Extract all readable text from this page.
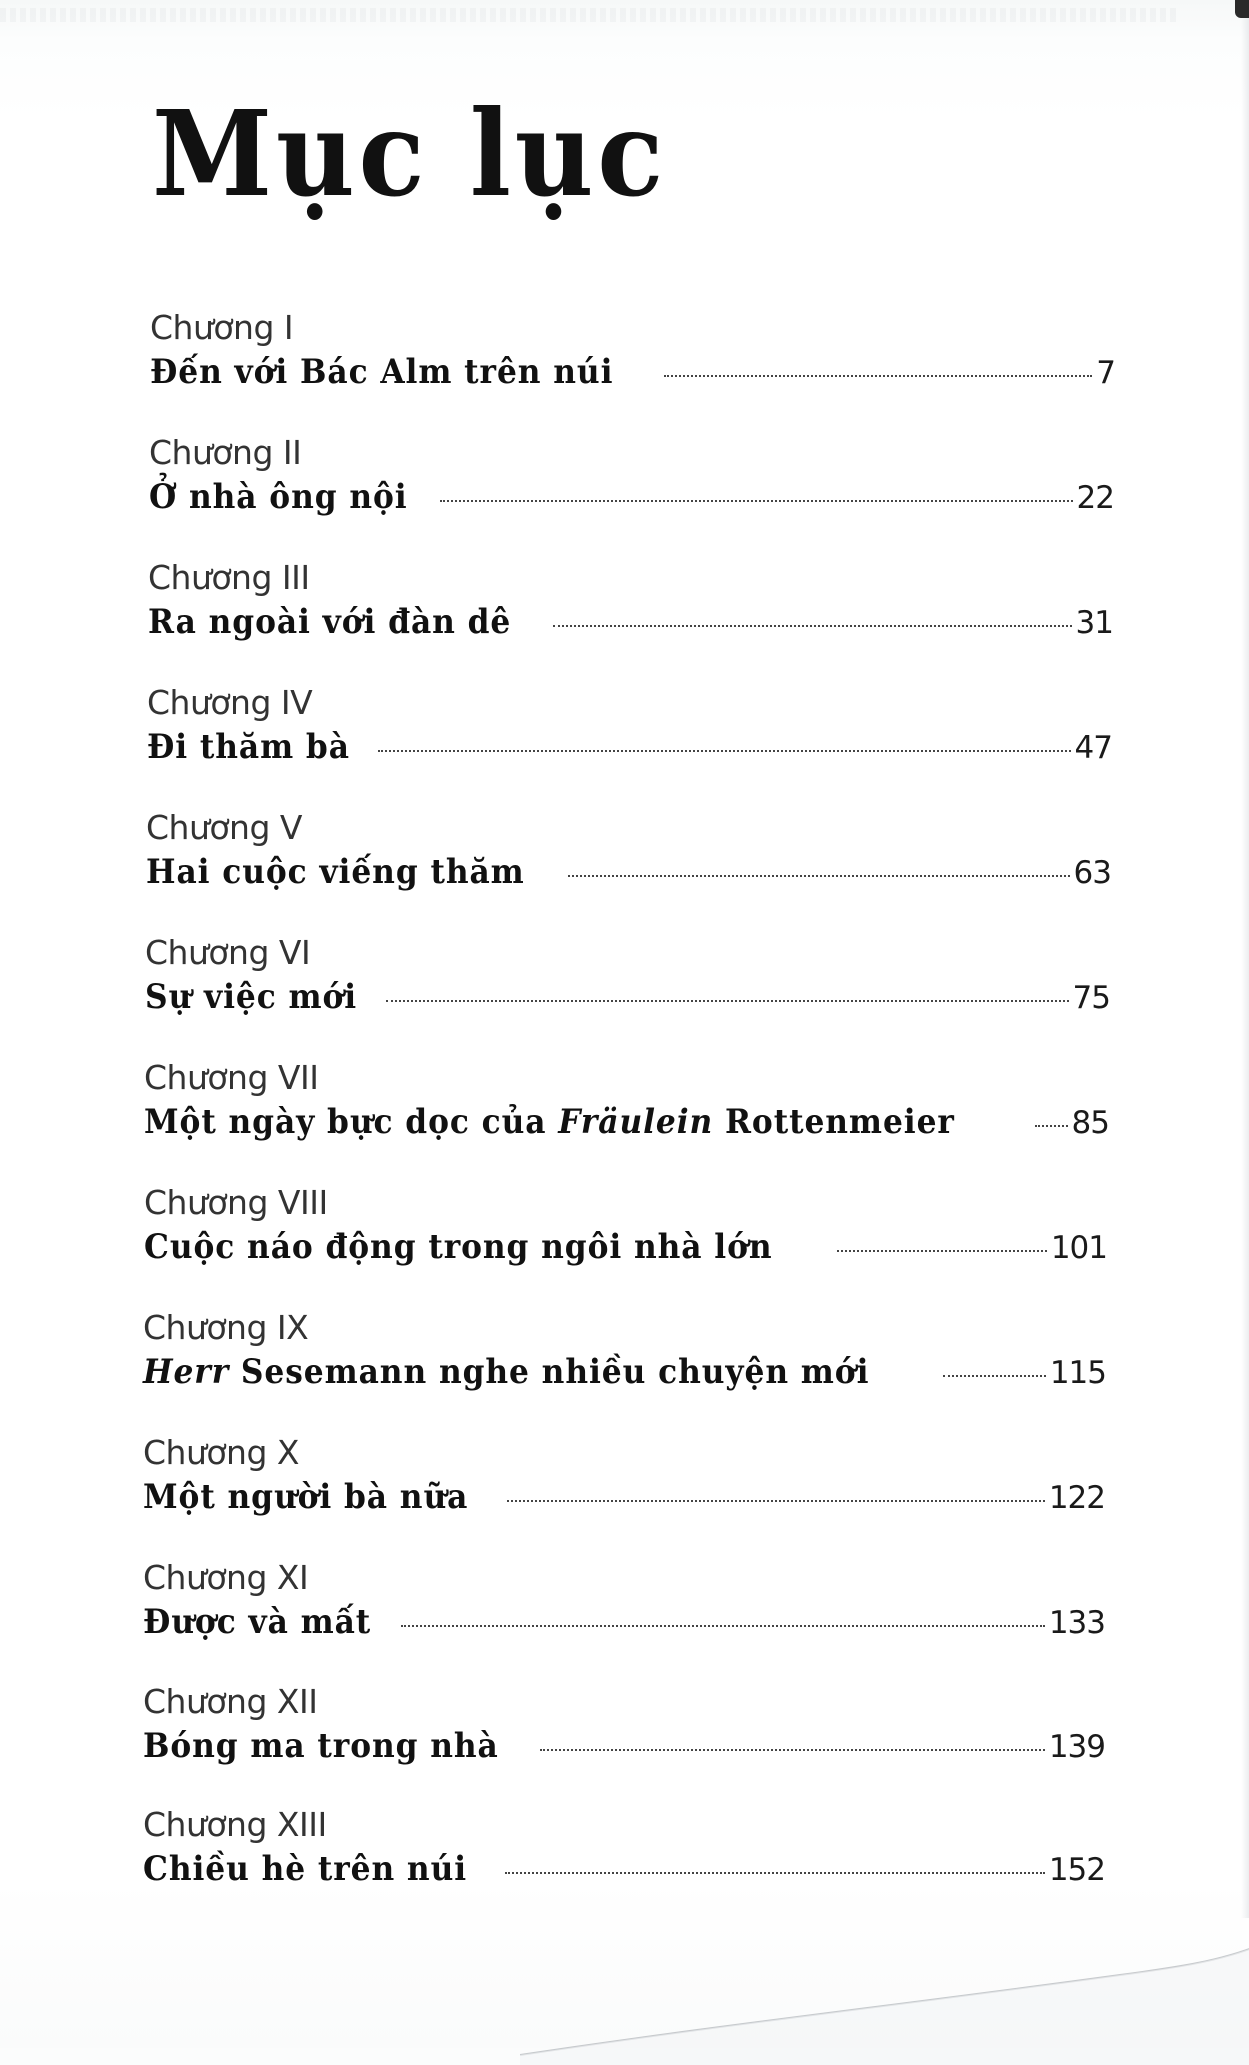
Mục lục
Chương I
Đến với Bác Alm trên núi	7
Chương II
Ở nhà ông nội	22
Chương III
Ra ngoài với đàn dê	31
Chương IV
Đi thăm bà	47
Chương V
Hai cuộc viếng thăm	63
Chương VI
Sự việc mới	75
Chương VII
Một ngày bực dọc của Fräulein Rottenmeier	85
Chương VIII
Cuộc náo động trong ngôi nhà lớn	101
Chương IX
Herr Sesemann nghe nhiều chuyện mới	115
Chương X
Một người bà nữa	122
Chương XI
Được và mất	133
Chương XII
Bóng ma trong nhà	139
Chương XIII
Chiều hè trên núi	152
